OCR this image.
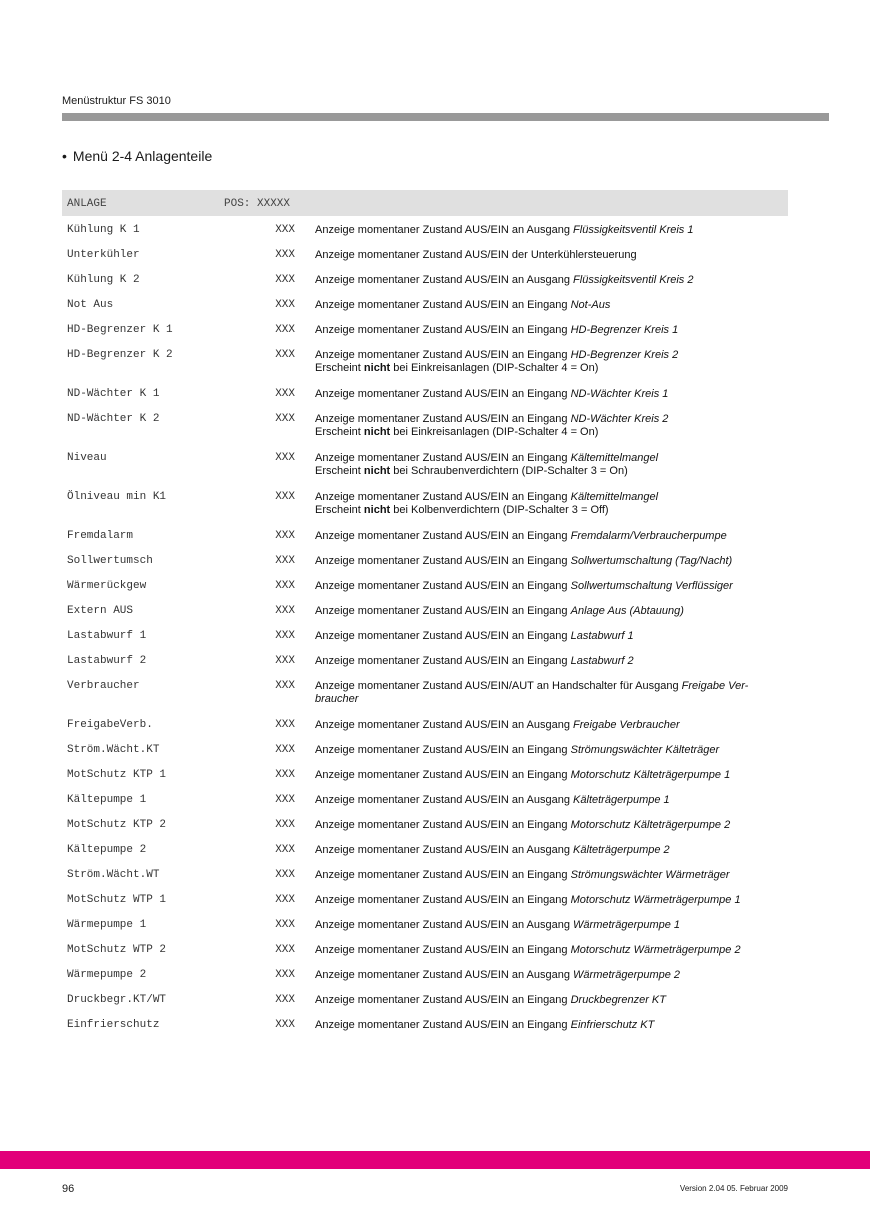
Menüstruktur FS 3010
• Menü 2-4 Anlagenteile
ANLAGE	POS: XXXXX
Kühlung K 1	XXX Anzeige momentaner Zustand AUS/EIN an Ausgang Flüssigkeitsventil Kreis 1
Unterkühler	XXX Anzeige momentaner Zustand AUS/EIN der Unterkühlersteuerung
Kühlung K 2	XXX Anzeige momentaner Zustand AUS/EIN an Ausgang Flüssigkeitsventil Kreis 2
Not Aus	XXX Anzeige momentaner Zustand AUS/EIN an Eingang Not-Aus
HD-Begrenzer K 1	XXX Anzeige momentaner Zustand AUS/EIN an Eingang HD-Begrenzer Kreis 1
HD-Begrenzer K 2	XXX Anzeige momentaner Zustand AUS/EIN an Eingang HD-Begrenzer Kreis 2
Erscheint nicht bei Einkreisanlagen (DIP-Schalter 4 = On)
ND-Wächter K 1	XXX Anzeige momentaner Zustand AUS/EIN an Eingang ND-Wächter Kreis 1
ND-Wächter K 2	XXX Anzeige momentaner Zustand AUS/EIN an Eingang ND-Wächter Kreis 2
Erscheint nicht bei Einkreisanlagen (DIP-Schalter 4 = On)
Niveau	XXX Anzeige momentaner Zustand AUS/EIN an Eingang Kältemittelmangel
Erscheint nicht bei Schraubenverdichtern (DIP-Schalter 3 = On)
Ölniveau min K1	XXX Anzeige momentaner Zustand AUS/EIN an Eingang Kältemittelmangel
Erscheint nicht bei Kolbenverdichtern (DIP-Schalter 3 = Off)
Fremdalarm	XXX Anzeige momentaner Zustand AUS/EIN an Eingang Fremdalarm/Verbraucherpumpe
Sollwertumsch	XXX Anzeige momentaner Zustand AUS/EIN an Eingang Sollwertumschaltung (Tag/Nacht)
Wärmerückgew	XXX Anzeige momentaner Zustand AUS/EIN an Eingang Sollwertumschaltung Verflüssiger
Extern AUS	XXX Anzeige momentaner Zustand AUS/EIN an Eingang Anlage Aus (Abtauung)
Lastabwurf 1	XXX Anzeige momentaner Zustand AUS/EIN an Eingang Lastabwurf 1
Lastabwurf 2	XXX Anzeige momentaner Zustand AUS/EIN an Eingang Lastabwurf 2
Verbraucher	XXX Anzeige momentaner Zustand AUS/EIN/AUT an Handschalter für Ausgang Freigabe Ver-
braucher
FreigabeVerb.	XXX Anzeige momentaner Zustand AUS/EIN an Ausgang Freigabe Verbraucher
Ström.Wächt.KT	XXX Anzeige momentaner Zustand AUS/EIN an Eingang Strömungswächter Kälteträger
MotSchutz KTP 1	XXX Anzeige momentaner Zustand AUS/EIN an Eingang Motorschutz Kälteträgerpumpe 1
Kältepumpe 1	XXX Anzeige momentaner Zustand AUS/EIN an Ausgang Kälteträgerpumpe 1
MotSchutz KTP 2	XXX Anzeige momentaner Zustand AUS/EIN an Eingang Motorschutz Kälteträgerpumpe 2
Kältepumpe 2	XXX Anzeige momentaner Zustand AUS/EIN an Ausgang Kälteträgerpumpe 2
Ström.Wächt.WT	XXX Anzeige momentaner Zustand AUS/EIN an Eingang Strömungswächter Wärmeträger
MotSchutz WTP 1	XXX Anzeige momentaner Zustand AUS/EIN an Eingang Motorschutz Wärmeträgerpumpe 1
Wärmepumpe 1	XXX Anzeige momentaner Zustand AUS/EIN an Ausgang Wärmeträgerpumpe 1
MotSchutz WTP 2	XXX Anzeige momentaner Zustand AUS/EIN an Eingang Motorschutz Wärmeträgerpumpe 2
Wärmepumpe 2	XXX Anzeige momentaner Zustand AUS/EIN an Ausgang Wärmeträgerpumpe 2
Druckbegr.KT/WT	XXX Anzeige momentaner Zustand AUS/EIN an Eingang Druckbegrenzer KT
Einfrierschutz	XXX Anzeige momentaner Zustand AUS/EIN an Eingang Einfrierschutz KT
96	Version 2.04 05. Februar 2009
